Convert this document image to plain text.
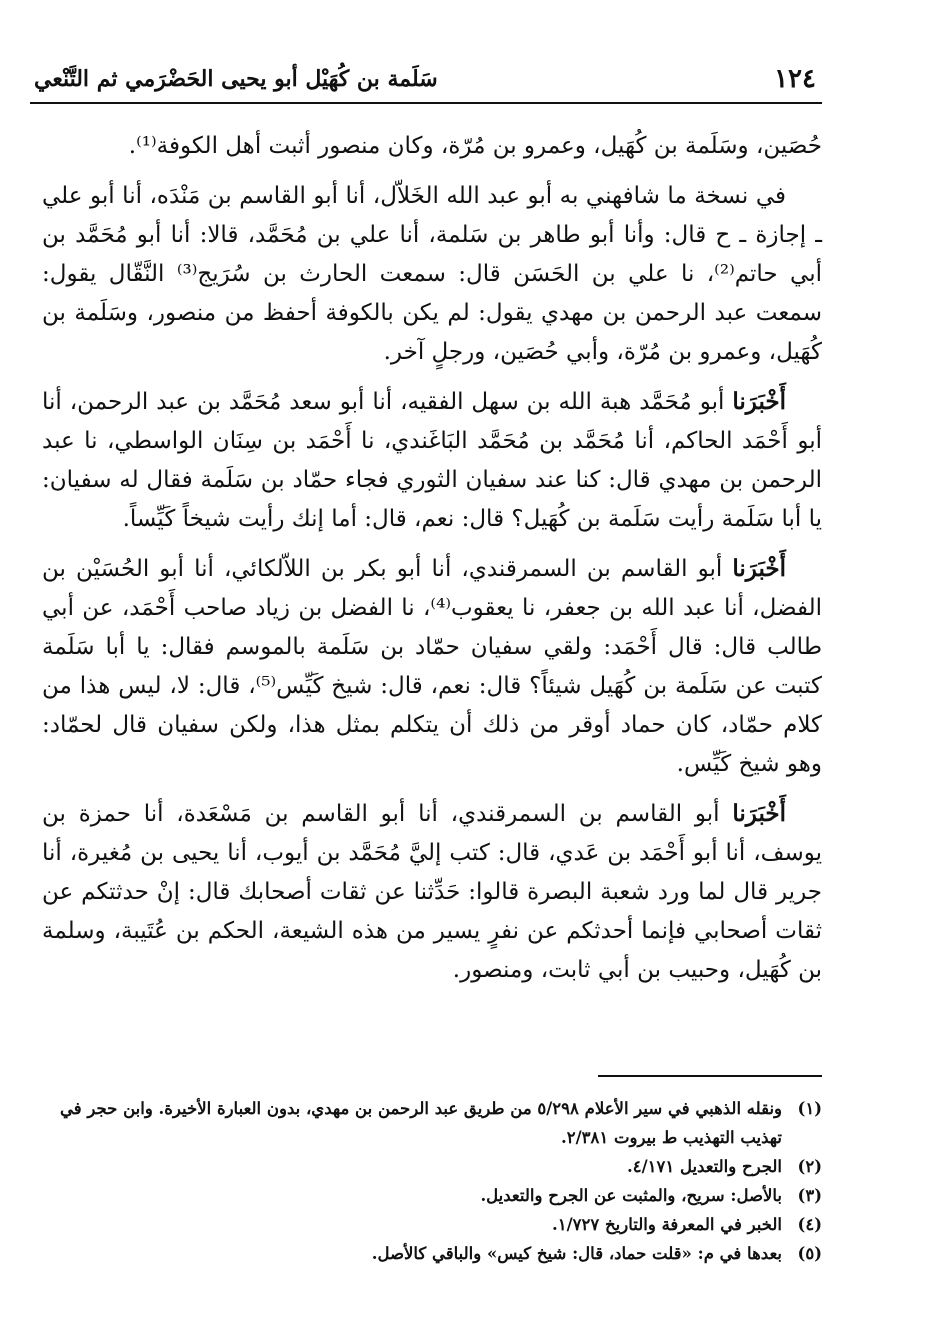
١٢٤
سَلَمة بن كُهَيْل أبو يحيى الحَضْرَمي ثم التَّنْعي

حُصَين، وسَلَمة بن كُهَيل، وعمرو بن مُرّة، وكان منصور أثبت أهل الكوفة⁽¹⁾.

في نسخة ما شافهني به أبو عبد الله الخَلاّل، أنا أبو القاسم بن مَنْدَه، أنا أبو علي ـ إجازة ـ ح قال: وأنا أبو طاهر بن سَلمة، أنا علي بن مُحَمَّد، قالا: أنا أبو مُحَمَّد بن أبي حاتم⁽²⁾، نا علي بن الحَسَن قال: سمعت الحارث بن سُرَيج⁽³⁾ النَّقّال يقول: سمعت عبد الرحمن بن مهدي يقول: لم يكن بالكوفة أحفظ من منصور، وسَلَمة بن كُهَيل، وعمرو بن مُرّة، وأبي حُصَين، ورجلٍ آخر.

أَخْبَرَنا أبو مُحَمَّد هبة الله بن سهل الفقيه، أنا أبو سعد مُحَمَّد بن عبد الرحمن، أنا أبو أَحْمَد الحاكم، أنا مُحَمَّد بن مُحَمَّد البَاغَندي، نا أَحْمَد بن سِنَان الواسطي، نا عبد الرحمن بن مهدي قال: كنا عند سفيان الثوري فجاء حمّاد بن سَلَمة فقال له سفيان: يا أبا سَلَمة رأيت سَلَمة بن كُهَيل؟ قال: نعم، قال: أما إنك رأيت شيخاً كَيِّساً.

أَخْبَرَنا أبو القاسم بن السمرقندي، أنا أبو بكر بن اللاّلكائي، أنا أبو الحُسَيْن بن الفضل، أنا عبد الله بن جعفر، نا يعقوب⁽⁴⁾، نا الفضل بن زياد صاحب أَحْمَد، عن أبي طالب قال: قال أَحْمَد: ولقي سفيان حمّاد بن سَلَمة بالموسم فقال: يا أبا سَلَمة كتبت عن سَلَمة بن كُهَيل شيئاً؟ قال: نعم، قال: شيخ كَيِّس⁽⁵⁾، قال: لا، ليس هذا من كلام حمّاد، كان حماد أوقر من ذلك أن يتكلم بمثل هذا، ولكن سفيان قال لحمّاد: وهو شيخ كَيِّس.

أَخْبَرَنا أبو القاسم بن السمرقندي، أنا أبو القاسم بن مَسْعَدة، أنا حمزة بن يوسف، أنا أبو أَحْمَد بن عَدي، قال: كتب إليَّ مُحَمَّد بن أيوب، أنا يحيى بن مُغيرة، أنا جرير قال لما ورد شعبة البصرة قالوا: حَدِّثنا عن ثقات أصحابك قال: إنْ حدثتكم عن ثقات أصحابي فإنما أحدثكم عن نفرٍ يسير من هذه الشيعة، الحكم بن عُتَيبة، وسلمة بن كُهَيل، وحبيب بن أبي ثابت، ومنصور.

(١)
ونقله الذهبي في سير الأعلام ٥/٢٩٨ من طريق عبد الرحمن بن مهدي، بدون العبارة الأخيرة. وابن حجر في تهذيب التهذيب ط بيروت ٢/٣٨١.
(٢)
الجرح والتعديل ٤/١٧١.
(٣)
بالأصل: سريح، والمثبت عن الجرح والتعديل.
(٤)
الخبر في المعرفة والتاريخ ١/٧٢٧.
(٥)
بعدها في م: «قلت حماد، قال: شيخ كيس» والباقي كالأصل.
